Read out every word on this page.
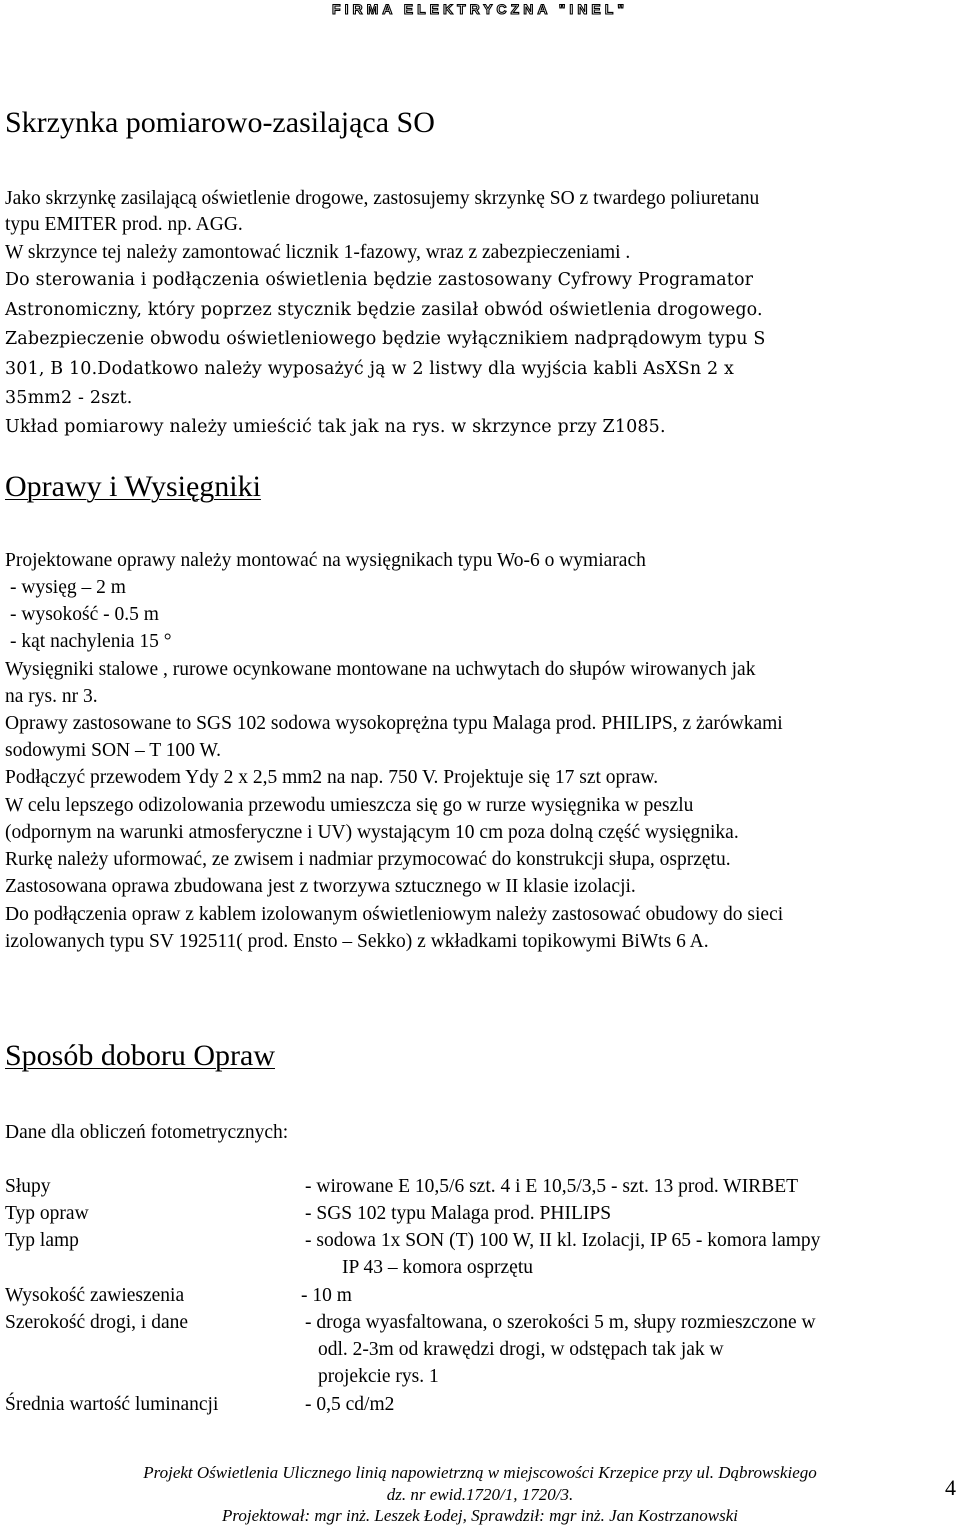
FIRMA ELEKTRYCZNA "INEL"
Skrzynka pomiarowo-zasilająca SO
Jako skrzynkę zasilającą oświetlenie drogowe, zastosujemy skrzynkę SO z twardego poliuretanu
typu EMITER prod. np. AGG.
W skrzynce tej należy zamontować licznik 1-fazowy, wraz z zabezpieczeniami .
Do sterowania i podłączenia oświetlenia będzie zastosowany Cyfrowy Programator
Astronomiczny, który poprzez stycznik będzie zasilał obwód oświetlenia drogowego.
Zabezpieczenie obwodu oświetleniowego będzie wyłącznikiem nadprądowym typu S
301, B 10.Dodatkowo należy wyposażyć ją w 2 listwy dla wyjścia kabli AsXSn 2 x
35mm2 - 2szt.
Układ pomiarowy należy umieścić tak jak na rys. w skrzynce przy Z1085.
Oprawy i Wysięgniki
Projektowane oprawy należy montować na wysięgnikach typu Wo-6 o wymiarach
- wysięg – 2 m
- wysokość - 0.5 m
- kąt nachylenia 15 °
Wysięgniki stalowe , rurowe ocynkowane montowane na uchwytach do słupów wirowanych jak
na rys. nr 3.
Oprawy zastosowane to SGS 102 sodowa wysokoprężna typu Malaga prod. PHILIPS, z żarówkami
sodowymi SON – T 100 W.
Podłączyć przewodem Ydy 2 x 2,5 mm2 na nap. 750 V. Projektuje się 17 szt opraw.
W celu lepszego odizolowania przewodu umieszcza się go w rurze wysięgnika w peszlu
(odpornym na warunki atmosferyczne i UV) wystającym 10 cm poza dolną część wysięgnika.
Rurkę należy uformować, ze zwisem i nadmiar przymocować do konstrukcji słupa, osprzętu.
Zastosowana oprawa zbudowana jest z tworzywa sztucznego w II klasie izolacji.
Do podłączenia opraw z kablem izolowanym oświetleniowym należy zastosować obudowy do sieci
izolowanych typu SV 192511( prod. Ensto – Sekko) z wkładkami topikowymi BiWts 6 A.
Sposób doboru Opraw
Dane dla obliczeń fotometrycznych:
Słupy	- wirowane E 10,5/6 szt. 4 i E 10,5/3,5 - szt. 13 prod. WIRBET
Typ opraw	- SGS 102 typu Malaga prod. PHILIPS
Typ lamp	- sodowa 1x SON (T) 100 W, II kl. Izolacji, IP 65 - komora lampy
IP 43 – komora osprzętu
Wysokość zawieszenia	- 10 m
Szerokość drogi, i dane	- droga wyasfaltowana, o szerokości 5 m, słupy rozmieszczone w
odl. 2-3m od krawędzi drogi, w odstępach tak jak w
projekcie rys. 1
Średnia wartość luminancji	- 0,5 cd/m2
Projekt Oświetlenia Ulicznego linią napowietrzną w miejscowości Krzepice przy ul. Dąbrowskiego
dz. nr ewid.1720/1, 1720/3.
Projektował: mgr inż. Leszek Łodej, Sprawdził: mgr inż. Jan Kostrzanowski
4
